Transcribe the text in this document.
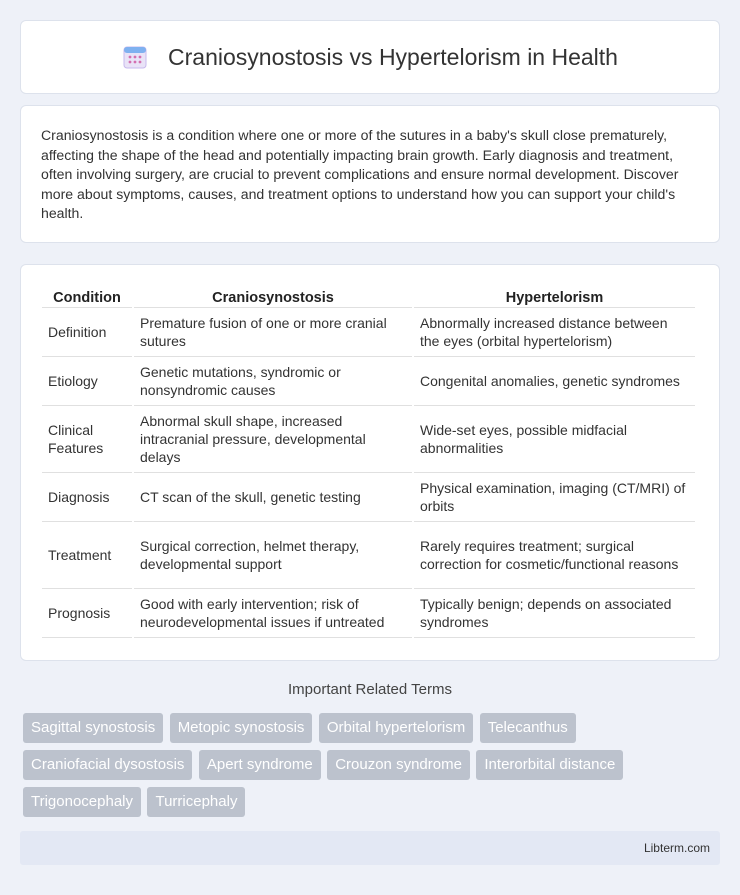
Craniosynostosis vs Hypertelorism in Health

Craniosynostosis is a condition where one or more of the sutures in a baby's skull close prematurely, affecting the shape of the head and potentially impacting brain growth. Early diagnosis and treatment, often involving surgery, are crucial to prevent complications and ensure normal development. Discover more about symptoms, causes, and treatment options to understand how you can support your child's health.

Condition	Craniosynostosis	Hypertelorism
Definition	Premature fusion of one or more cranial sutures	Abnormally increased distance between the eyes (orbital hypertelorism)
Etiology	Genetic mutations, syndromic or nonsyndromic causes	Congenital anomalies, genetic syndromes
Clinical Features	Abnormal skull shape, increased intracranial pressure, developmental delays	Wide-set eyes, possible midfacial abnormalities
Diagnosis	CT scan of the skull, genetic testing	Physical examination, imaging (CT/MRI) of orbits
Treatment	Surgical correction, helmet therapy, developmental support	Rarely requires treatment; surgical correction for cosmetic/functional reasons
Prognosis	Good with early intervention; risk of neurodevelopmental issues if untreated	Typically benign; depends on associated syndromes
Important Related Terms
Sagittal synostosis Metopic synostosis Orbital hypertelorism Telecanthus Craniofacial dysostosis Apert syndrome Crouzon syndrome Interorbital distance Trigonocephaly Turricephaly
Libterm.com
